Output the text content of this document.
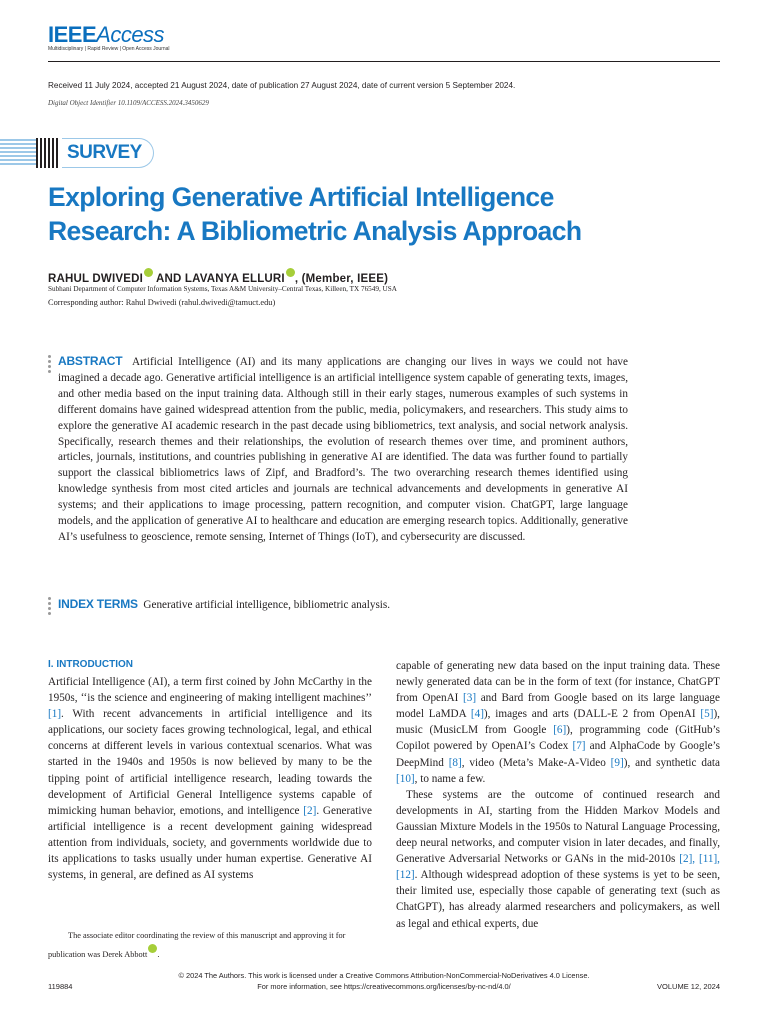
IEEEAccess
Multidisciplinary | Rapid Review | Open Access Journal
Received 11 July 2024, accepted 21 August 2024, date of publication 27 August 2024, date of current version 5 September 2024.
Digital Object Identifier 10.1109/ACCESS.2024.3450629
SURVEY
Exploring Generative Artificial Intelligence
Research: A Bibliometric Analysis Approach
RAHUL DWIVEDI AND LAVANYA ELLURI , (Member, IEEE)
Subhani Department of Computer Information Systems, Texas A&M University–Central Texas, Killeen, TX 76549, USA
Corresponding author: Rahul Dwivedi (rahul.dwivedi@tamuct.edu)
ABSTRACT Artificial Intelligence (AI) and its many applications are changing our lives in ways we could not have imagined a decade ago. Generative artificial intelligence is an artificial intelligence system capable of generating texts, images, and other media based on the input training data. Although still in their early stages, numerous examples of such systems in different domains have gained widespread attention from the public, media, policymakers, and researchers. This study aims to explore the generative AI academic research in the past decade using bibliometrics, text analysis, and social network analysis. Specifically, research themes and their relationships, the evolution of research themes over time, and prominent authors, articles, journals, institutions, and countries publishing in generative AI are identified. The data was further found to partially support the classical bibliometrics laws of Zipf, and Bradford’s. The two overarching research themes identified using knowledge synthesis from most cited articles and journals are technical advancements and developments in generative AI systems; and their applications to image processing, pattern recognition, and computer vision. ChatGPT, large language models, and the application of generative AI to healthcare and education are emerging research topics. Additionally, generative AI’s usefulness to geoscience, remote sensing, Internet of Things (IoT), and cybersecurity are discussed.
INDEX TERMS Generative artificial intelligence, bibliometric analysis.
I. INTRODUCTION
Artificial Intelligence (AI), a term first coined by John McCarthy in the 1950s, ‘‘is the science and engineering of making intelligent machines’’ [1]. With recent advancements in artificial intelligence and its applications, our society faces growing technological, legal, and ethical concerns at different levels in various contextual scenarios. What was started in the 1940s and 1950s is now believed by many to be the tipping point of artificial intelligence research, leading towards the development of Artificial General Intelligence systems capable of mimicking human behavior, emotions, and intelligence [2]. Generative artificial intelligence is a recent development gaining widespread attention from individuals, society, and governments worldwide due to its applications to tasks usually under human expertise. Generative AI systems, in general, are defined as AI systems
The associate editor coordinating the review of this manuscript and approving it for publication was Derek Abbott .
capable of generating new data based on the input training data. These newly generated data can be in the form of text (for instance, ChatGPT from OpenAI [3] and Bard from Google based on its large language model LaMDA [4]), images and arts (DALL-E 2 from OpenAI [5]), music (MusicLM from Google [6]), programming code (GitHub’s Copilot powered by OpenAI’s Codex [7] and AlphaCode by Google’s DeepMind [8], video (Meta’s Make-A-Video [9]), and synthetic data [10], to name a few.
These systems are the outcome of continued research and developments in AI, starting from the Hidden Markov Models and Gaussian Mixture Models in the 1950s to Natural Language Processing, deep neural networks, and computer vision in later decades, and finally, Generative Adversarial Networks or GANs in the mid-2010s [2], [11], [12]. Although widespread adoption of these systems is yet to be seen, their limited use, especially those capable of generating text (such as ChatGPT), has already alarmed researchers and policymakers, as well as legal and ethical experts, due
© 2024 The Authors. This work is licensed under a Creative Commons Attribution-NonCommercial-NoDerivatives 4.0 License.
For more information, see https://creativecommons.org/licenses/by-nc-nd/4.0/
119884	VOLUME 12, 2024
